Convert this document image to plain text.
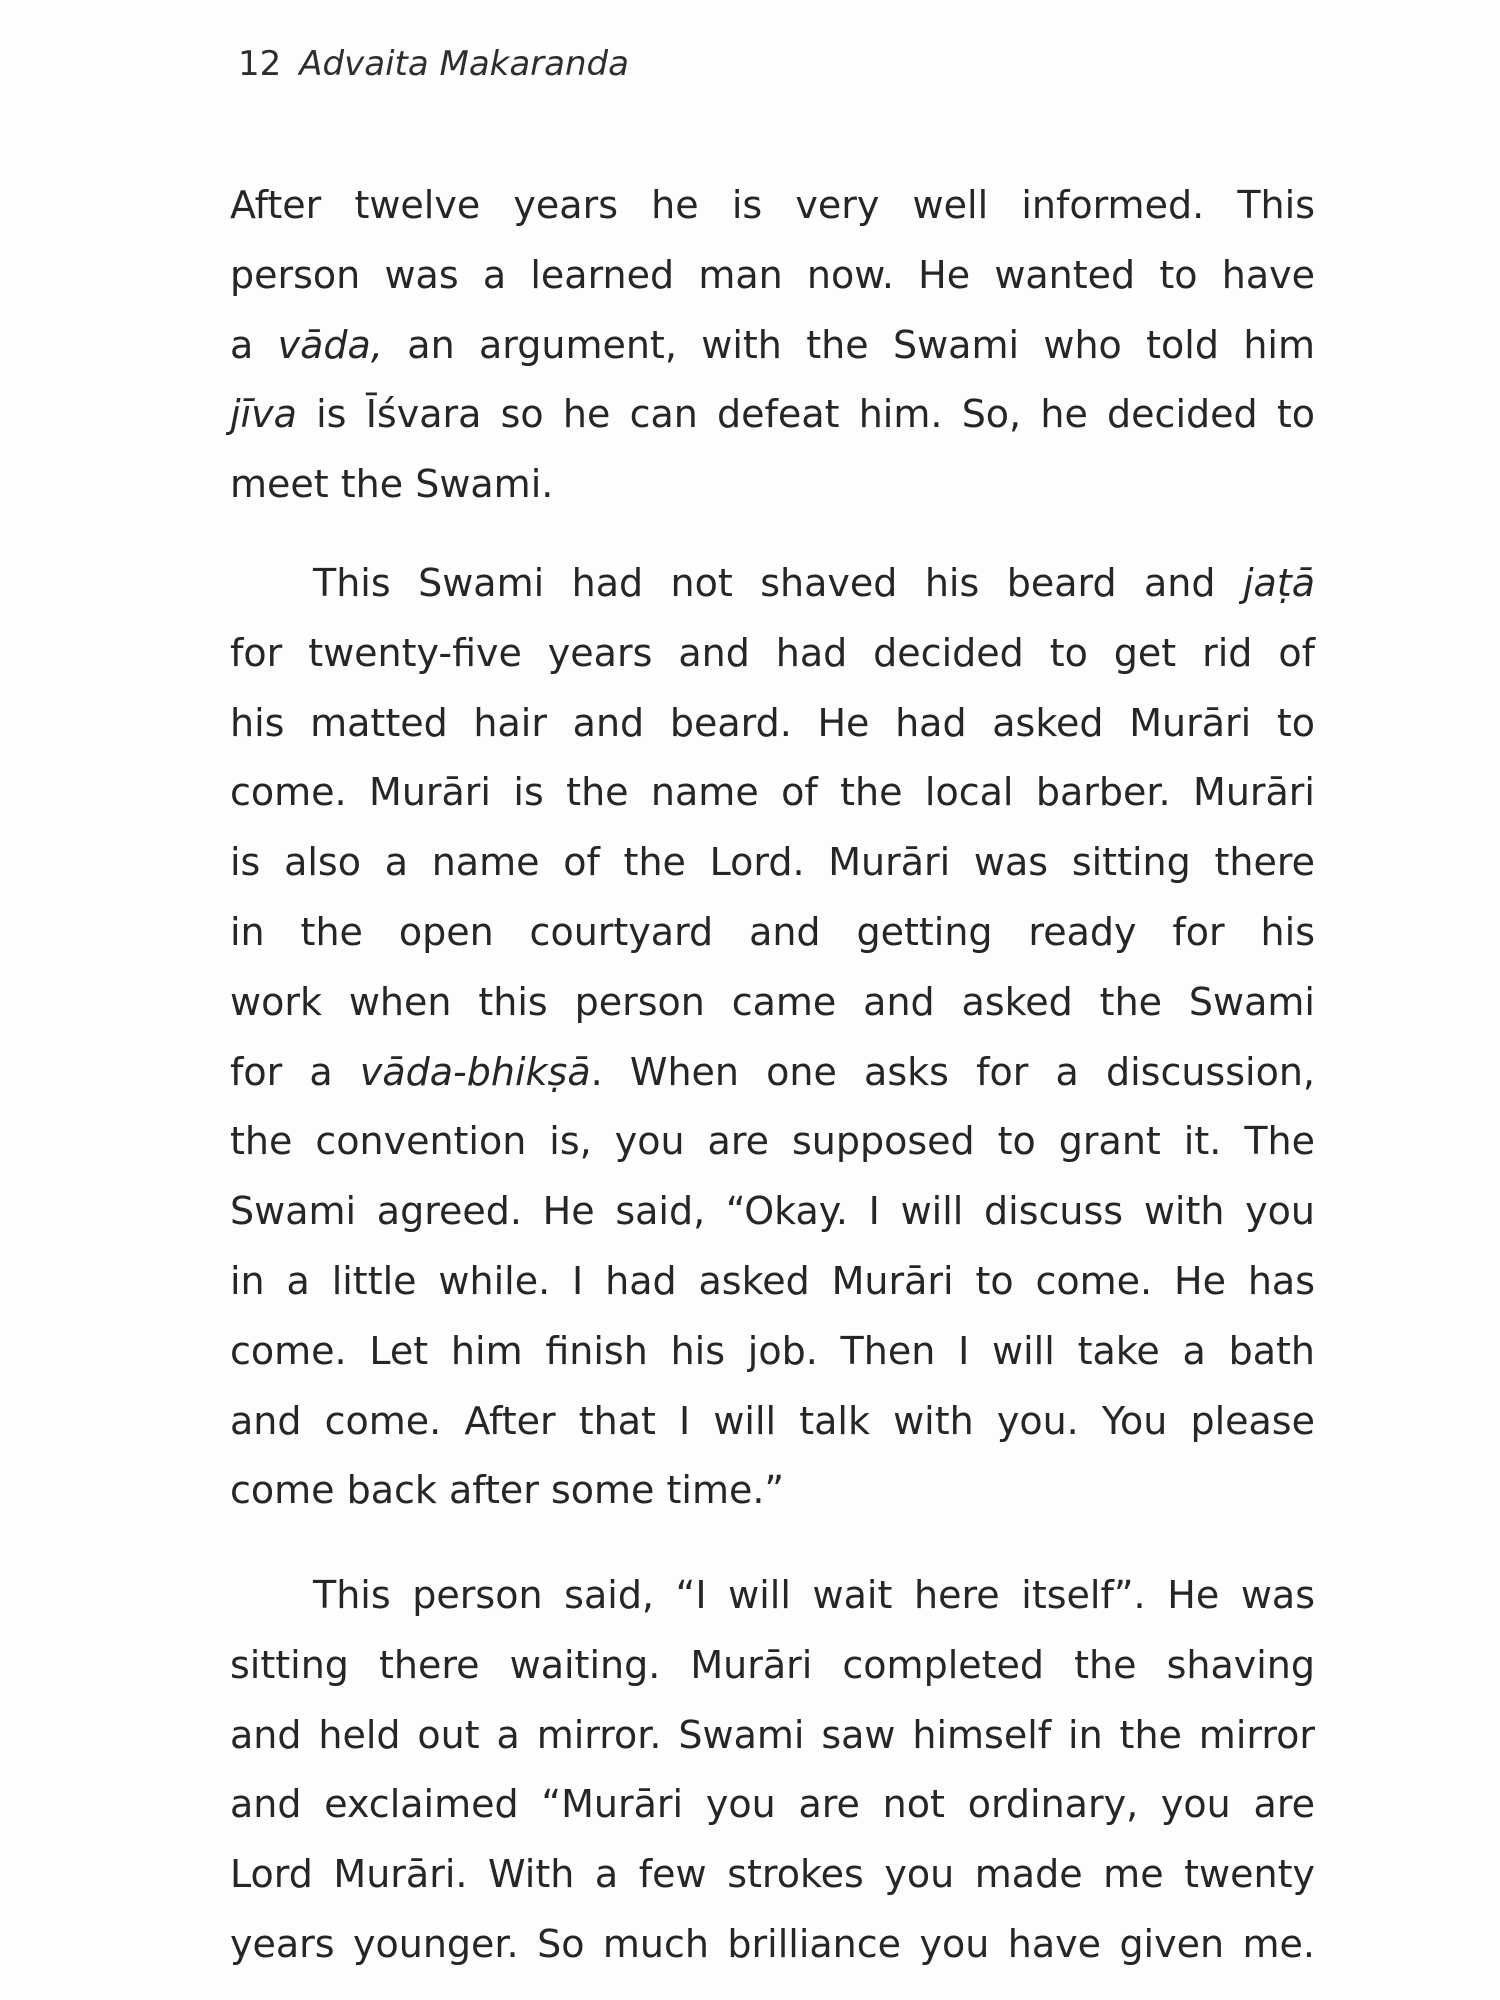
12 Advaita Makaranda
After twelve years he is very well informed. This
person was a learned man now. He wanted to have
a vāda, an argument, with the Swami who told him
jīva is Īśvara so he can defeat him. So, he decided to
meet the Swami.
This Swami had not shaved his beard and jaṭā
for twenty-five years and had decided to get rid of
his matted hair and beard. He had asked Murāri to
come. Murāri is the name of the local barber. Murāri
is also a name of the Lord. Murāri was sitting there
in the open courtyard and getting ready for his
work when this person came and asked the Swami
for a vāda-bhikṣā. When one asks for a discussion,
the convention is, you are supposed to grant it. The
Swami agreed. He said, “Okay. I will discuss with you
in a little while. I had asked Murāri to come. He has
come. Let him finish his job. Then I will take a bath
and come. After that I will talk with you. You please
come back after some time.”
This person said, “I will wait here itself”. He was
sitting there waiting. Murāri completed the shaving
and held out a mirror. Swami saw himself in the mirror
and exclaimed “Murāri you are not ordinary, you are
Lord Murāri. With a few strokes you made me twenty
years younger. So much brilliance you have given me.
